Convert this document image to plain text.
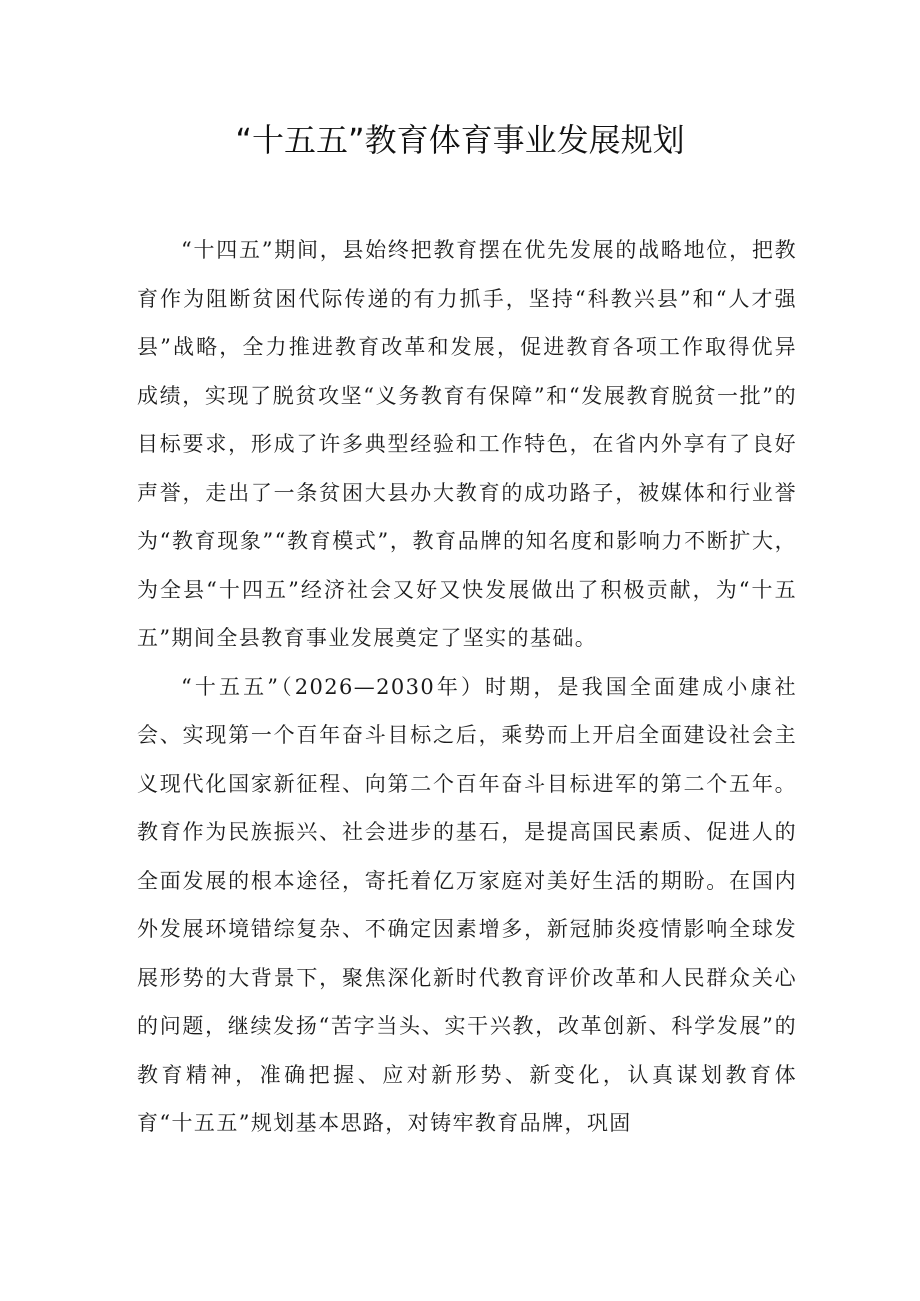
“十五五”教育体育事业发展规划

“十四五”期间，县始终把教育摆在优先发展的战略地位，把教育作为阻断贫困代际传递的有力抓手，坚持“科教兴县”和“人才强县”战略，全力推进教育改革和发展，促进教育各项工作取得优异成绩，实现了脱贫攻坚“义务教育有保障”和“发展教育脱贫一批”的目标要求，形成了许多典型经验和工作特色，在省内外享有了良好声誉，走出了一条贫困大县办大教育的成功路子，被媒体和行业誉为“教育现象”“教育模式”，教育品牌的知名度和影响力不断扩大，为全县“十四五”经济社会又好又快发展做出了积极贡献，为“十五五”期间全县教育事业发展奠定了坚实的基础。

“十五五”（2026—2030年）时期，是我国全面建成小康社会、实现第一个百年奋斗目标之后，乘势而上开启全面建设社会主义现代化国家新征程、向第二个百年奋斗目标进军的第二个五年。教育作为民族振兴、社会进步的基石，是提高国民素质、促进人的全面发展的根本途径，寄托着亿万家庭对美好生活的期盼。在国内外发展环境错综复杂、不确定因素增多，新冠肺炎疫情影响全球发展形势的大背景下，聚焦深化新时代教育评价改革和人民群众关心的问题，继续发扬“苦字当头、实干兴教，改革创新、科学发展”的教育精神，准确把握、应对新形势、新变化，认真谋划教育体育“十五五”规划基本思路，对铸牢教育品牌，巩固
